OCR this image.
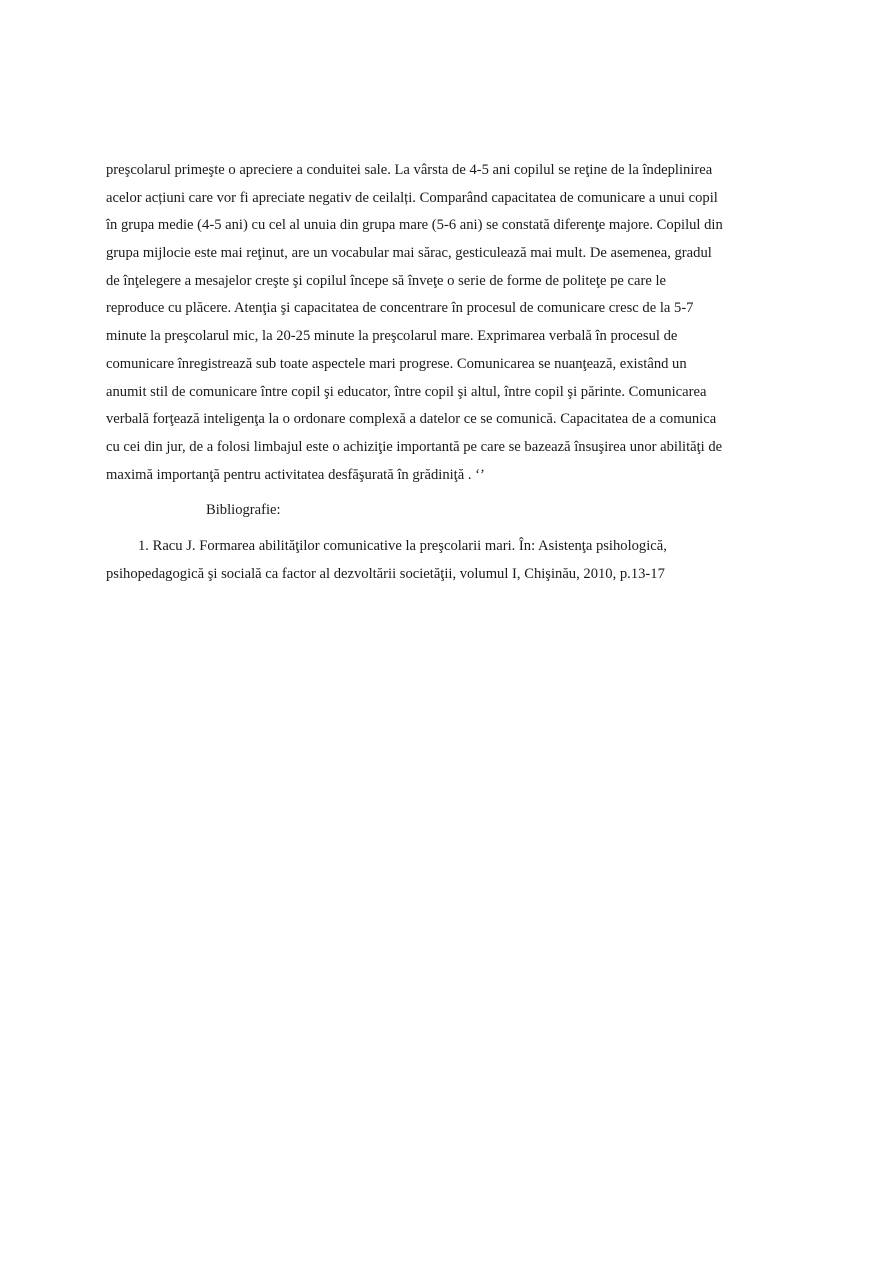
preşcolarul primeşte o apreciere a conduitei sale. La vârsta de 4-5 ani copilul se reţine de la îndeplinirea
acelor acțiuni care vor fi apreciate negativ de ceilalți. Comparând capacitatea de comunicare a unui copil
în grupa medie (4-5 ani) cu cel al unuia din grupa mare (5-6 ani) se constată diferenţe majore. Copilul din
grupa mijlocie este mai reţinut, are un vocabular mai sărac, gesticulează mai mult. De asemenea, gradul
de înţelegere a mesajelor creşte şi copilul începe să înveţe o serie de forme de politeţe pe care le
reproduce cu plăcere. Atenţia şi capacitatea de concentrare în procesul de comunicare cresc de la 5-7
minute la preşcolarul mic, la 20-25 minute la preşcolarul mare. Exprimarea verbală în procesul de
comunicare înregistrează sub toate aspectele mari progrese. Comunicarea se nuanţează, existând un
anumit stil de comunicare între copil şi educator, între copil şi altul, între copil şi părinte. Comunicarea
verbală forţează inteligenţa la o ordonare complexă a datelor ce se comunică. Capacitatea de a comunica
cu cei din jur, de a folosi limbajul este o achiziţie importantă pe care se bazează însuşirea unor abilităţi de
maximă importanţă pentru activitatea desfăşurată în grădiniţă . ‘’
Bibliografie:
1. Racu J. Formarea abilităţilor comunicative la preşcolarii mari. În: Asistenţa psihologică,
psihopedagogică şi socială ca factor al dezvoltării societăţii, volumul I, Chişinău, 2010, p.13-17
